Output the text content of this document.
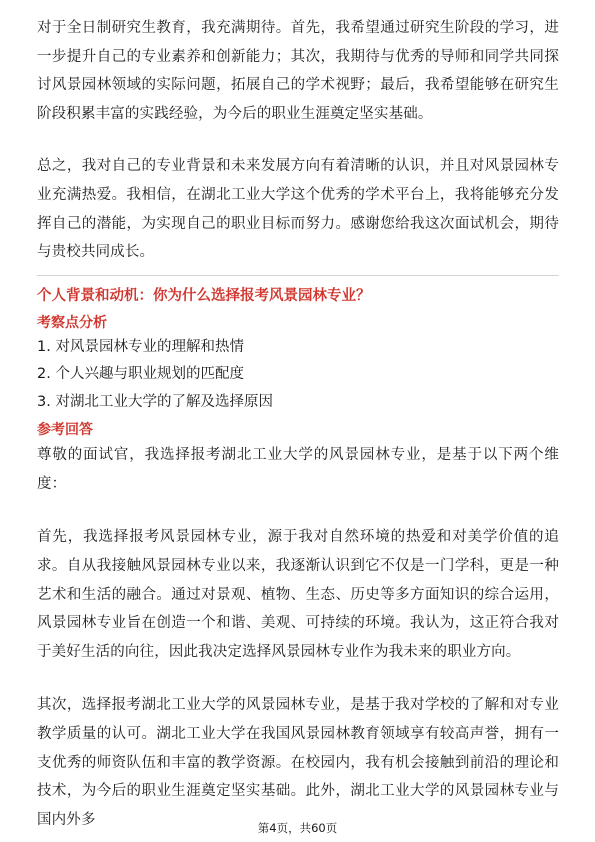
对于全日制研究生教育，我充满期待。首先，我希望通过研究生阶段的学习，进一步提升自己的专业素养和创新能力；其次，我期待与优秀的导师和同学共同探讨风景园林领域的实际问题，拓展自己的学术视野；最后，我希望能够在研究生阶段积累丰富的实践经验，为今后的职业生涯奠定坚实基础。

总之，我对自己的专业背景和未来发展方向有着清晰的认识，并且对风景园林专业充满热爱。我相信，在湖北工业大学这个优秀的学术平台上，我将能够充分发挥自己的潜能，为实现自己的职业目标而努力。感谢您给我这次面试机会，期待与贵校共同成长。

个人背景和动机：你为什么选择报考风景园林专业？
考察点分析
1. 对风景园林专业的理解和热情
2. 个人兴趣与职业规划的匹配度
3. 对湖北工业大学的了解及选择原因
参考回答

尊敬的面试官，我选择报考湖北工业大学的风景园林专业，是基于以下两个维度：

首先，我选择报考风景园林专业，源于我对自然环境的热爱和对美学价值的追求。自从我接触风景园林专业以来，我逐渐认识到它不仅是一门学科，更是一种艺术和生活的融合。通过对景观、植物、生态、历史等多方面知识的综合运用，风景园林专业旨在创造一个和谐、美观、可持续的环境。我认为，这正符合我对于美好生活的向往，因此我决定选择风景园林专业作为我未来的职业方向。

其次，选择报考湖北工业大学的风景园林专业，是基于我对学校的了解和对专业教学质量的认可。湖北工业大学在我国风景园林教育领域享有较高声誉，拥有一支优秀的师资队伍和丰富的教学资源。在校园内，我有机会接触到前沿的理论和技术，为今后的职业生涯奠定坚实基础。此外，湖北工业大学的风景园林专业与国内外多

第4页，共60页
